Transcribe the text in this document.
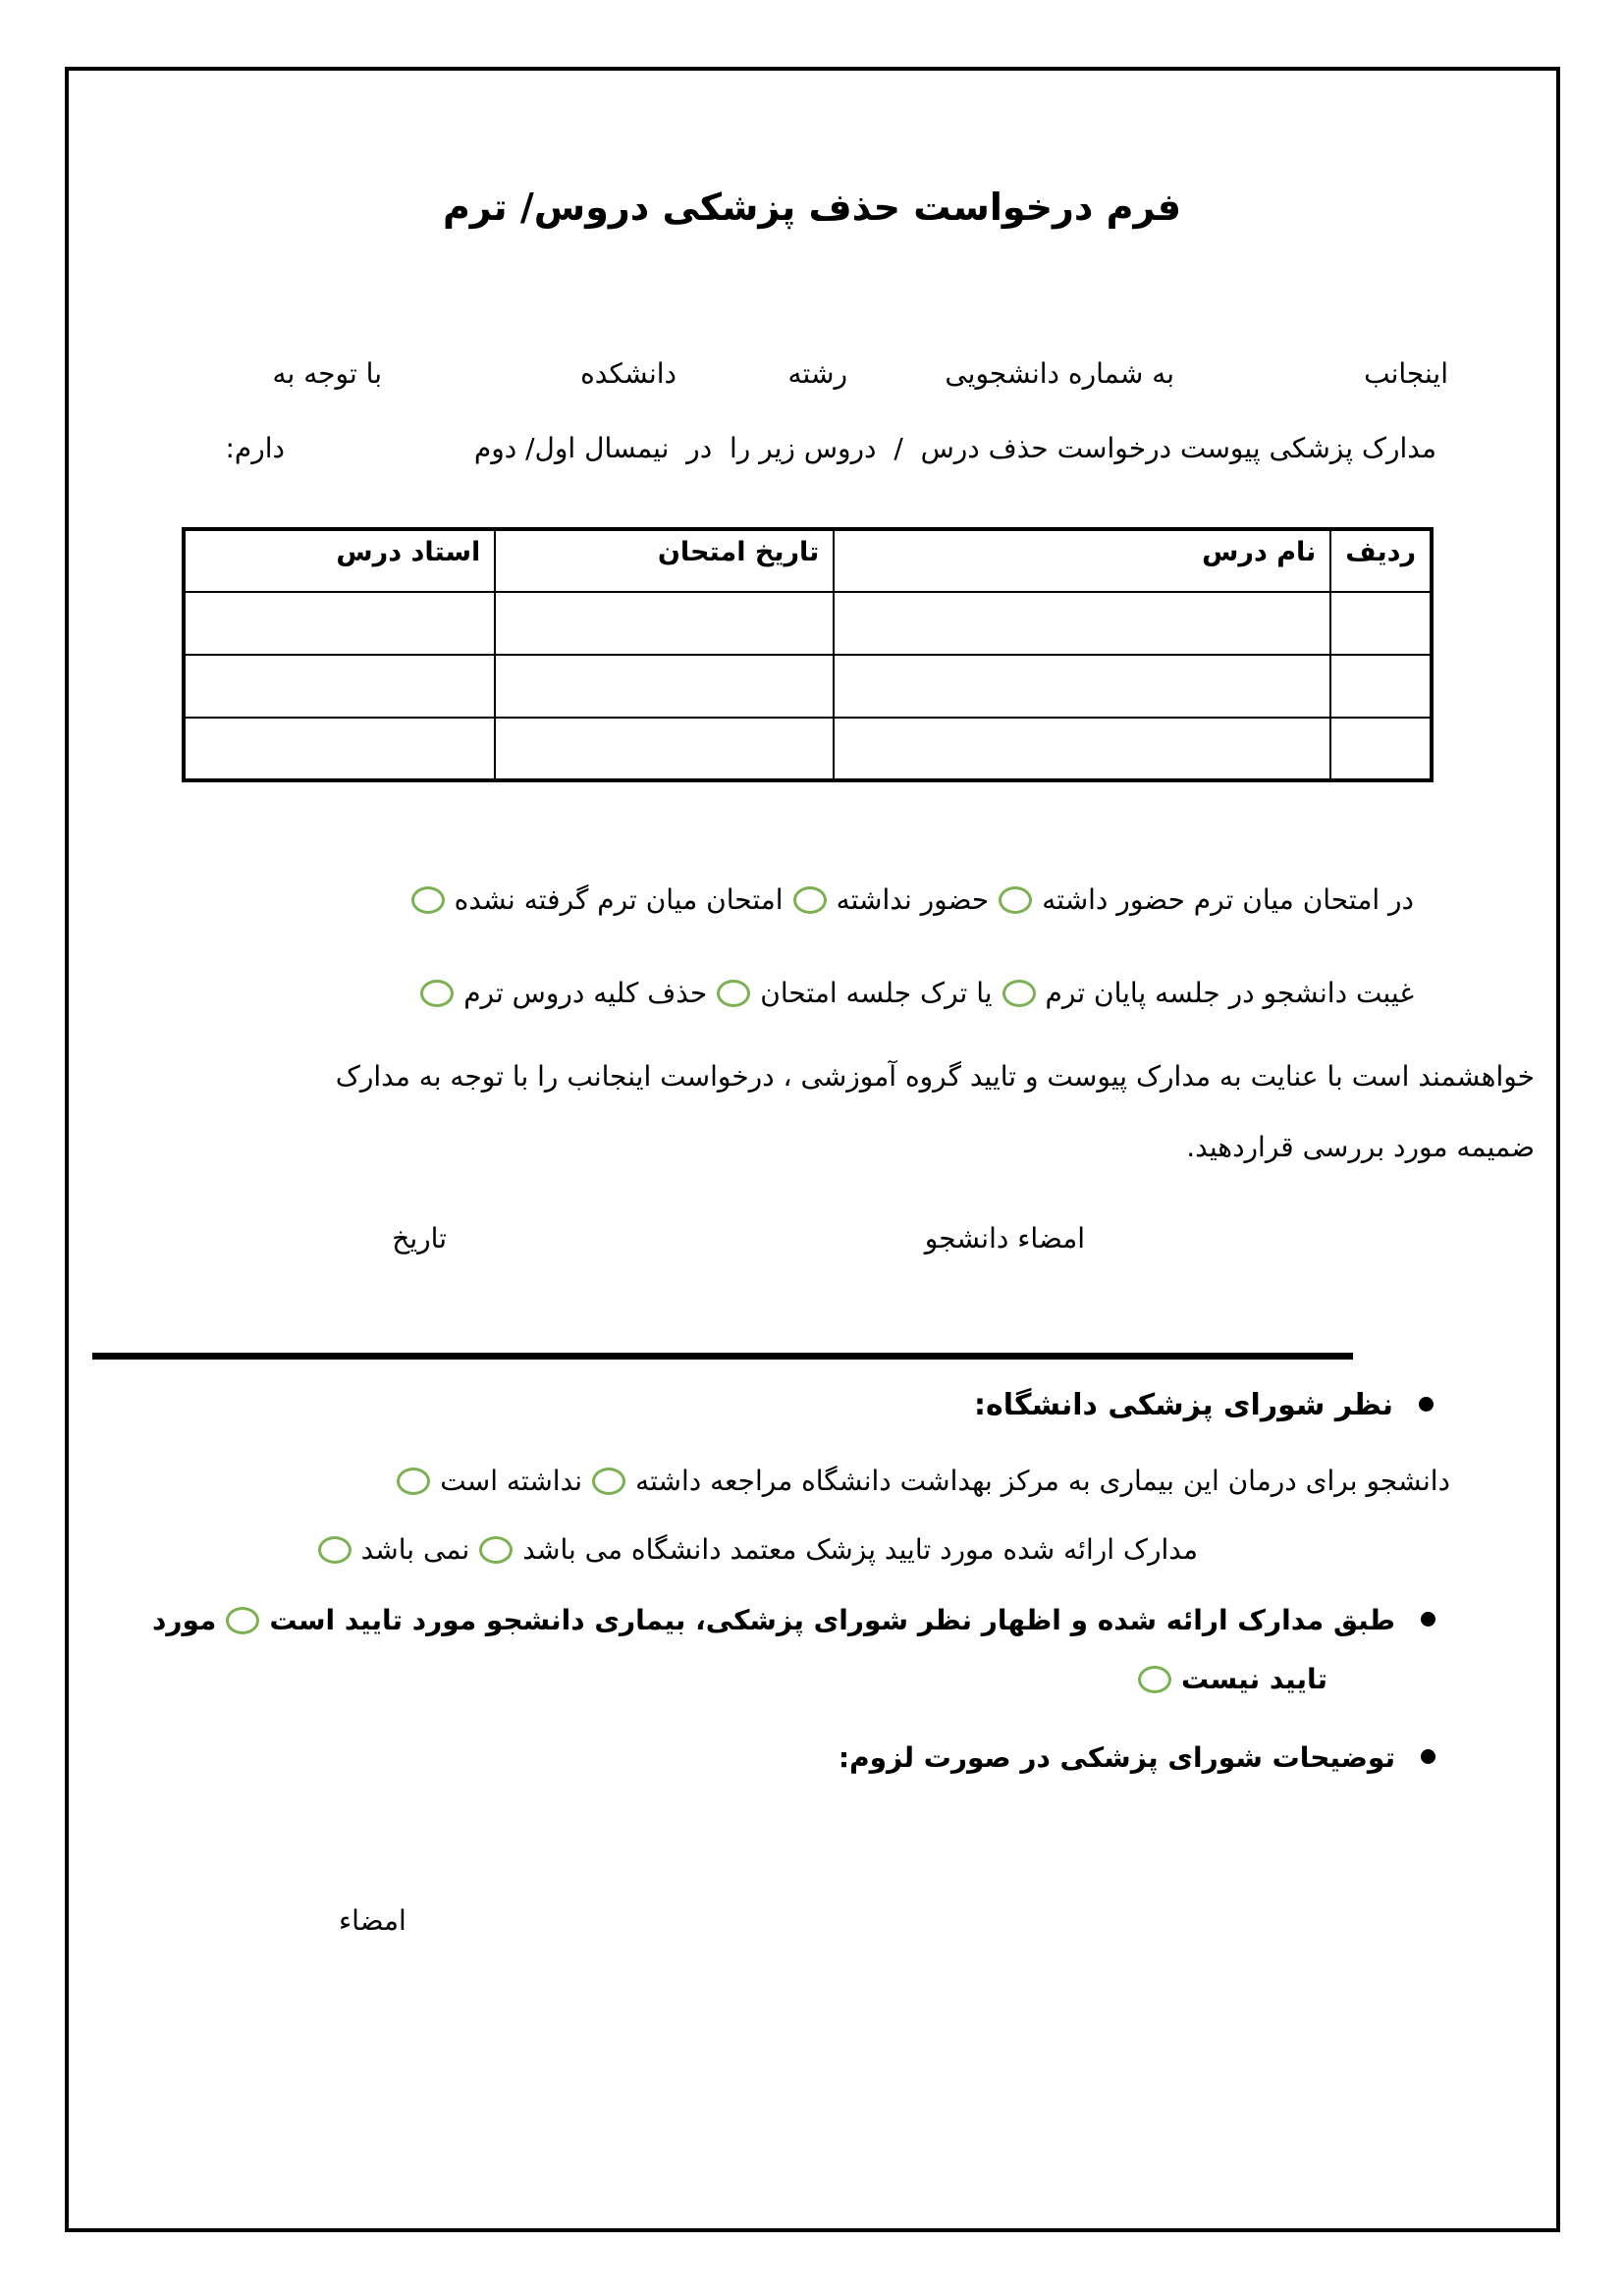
فرم درخواست حذف پزشکی دروس/ ترم
اینجانب
به شماره دانشجویی
رشته
دانشکده
با توجه به
مدارک پزشکی پیوست درخواست حذف درس  /  دروس زیر را  در  نیمسال اول/ دوم
دارم:
ردیف	نام درس	تاریخ امتحان	استاد درس

در امتحان میان ترم حضور داشتهحضور نداشتهامتحان میان ترم گرفته نشده
غیبت دانشجو در جلسه پایان ترمیا ترک جلسه امتحانحذف کلیه دروس ترم
خواهشمند است با عنایت به مدارک پیوست و تایید گروه آموزشی ، درخواست اینجانب را با توجه به مدارک
ضمیمه مورد بررسی قراردهید.
امضاء دانشجو
تاریخ
نظر شورای پزشکی دانشگاه:
دانشجو برای درمان این بیماری به مرکز بهداشت دانشگاه مراجعه داشتهنداشته است
مدارک ارائه شده مورد تایید پزشک معتمد دانشگاه می باشدنمی باشد
طبق مدارک ارائه شده و اظهار نظر شورای پزشکی، بیماری دانشجو مورد تایید استمورد
تایید نیست
توضیحات شورای پزشکی در صورت لزوم:
امضاء
